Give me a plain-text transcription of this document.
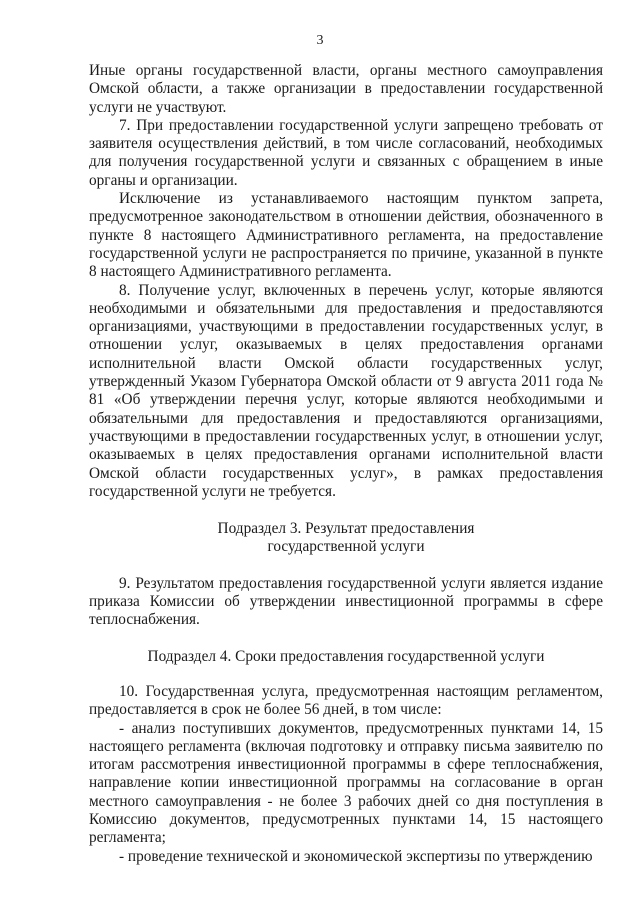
3

Иные органы государственной власти, органы местного самоуправления Омской области, а также организации в предоставлении государственной услуги не участвуют.

7. При предоставлении государственной услуги запрещено требовать от заявителя осуществления действий, в том числе согласований, необходимых для получения государственной услуги и связанных с обращением в иные органы и организации.

Исключение из устанавливаемого настоящим пунктом запрета, предусмотренное законодательством в отношении действия, обозначенного в пункте 8 настоящего Административного регламента, на предоставление государственной услуги не распространяется по причине, указанной в пункте 8 настоящего Административного регламента.

8. Получение услуг, включенных в перечень услуг, которые являются необходимыми и обязательными для предоставления и предоставляются организациями, участвующими в предоставлении государственных услуг, в отношении услуг, оказываемых в целях предоставления органами исполнительной власти Омской области государственных услуг, утвержденный Указом Губернатора Омской области от 9 августа 2011 года № 81 «Об утверждении перечня услуг, которые являются необходимыми и обязательными для предоставления и предоставляются организациями, участвующими в предоставлении государственных услуг, в отношении услуг, оказываемых в целях предоставления органами исполнительной власти Омской области государственных услуг», в рамках предоставления государственной услуги не требуется.

Подраздел 3. Результат предоставления

государственной услуги

9. Результатом предоставления государственной услуги является издание приказа Комиссии об утверждении инвестиционной программы в сфере теплоснабжения.

Подраздел 4. Сроки предоставления государственной услуги

10. Государственная услуга, предусмотренная настоящим регламентом, предоставляется в срок не более 56 дней, в том числе:

- анализ поступивших документов, предусмотренных пунктами 14, 15 настоящего регламента (включая подготовку и отправку письма заявителю по итогам рассмотрения инвестиционной программы в сфере теплоснабжения, направление копии инвестиционной программы на согласование в орган местного самоуправления - не более 3 рабочих дней со дня поступления в Комиссию документов, предусмотренных пунктами 14, 15 настоящего регламента;

- проведение технической и экономической экспертизы по утверждению
